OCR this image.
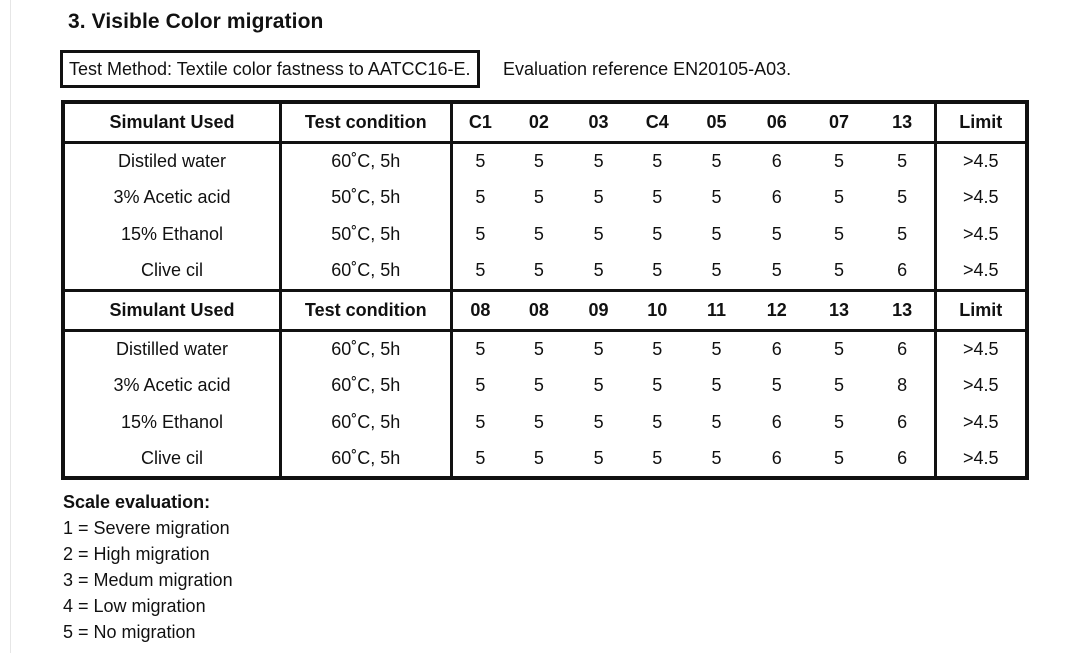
3. Visible Color migration
Test Method: Textile color fastness to AATCC16-E. Evaluation reference EN20105-A03.
Simulant Used	Test condition	C1	02	03	C4	05	06	07	13	Limit
Distiled water	60˚C, 5h	5	5	5	5	5	6	5	5	>4.5
3% Acetic acid	50˚C, 5h	5	5	5	5	5	6	5	5	>4.5
15% Ethanol	50˚C, 5h	5	5	5	5	5	5	5	5	>4.5
Clive cil	60˚C, 5h	5	5	5	5	5	5	5	6	>4.5
Simulant Used	Test condition	08	08	09	10	11	12	13	13	Limit
Distilled water	60˚C, 5h	5	5	5	5	5	6	5	6	>4.5
3% Acetic acid	60˚C, 5h	5	5	5	5	5	5	5	8	>4.5
15% Ethanol	60˚C, 5h	5	5	5	5	5	6	5	6	>4.5
Clive cil	60˚C, 5h	5	5	5	5	5	6	5	6	>4.5
Scale evaluation:
1 = Severe migration
2 = High migration
3 = Medum migration
4 = Low migration
5 = No migration
